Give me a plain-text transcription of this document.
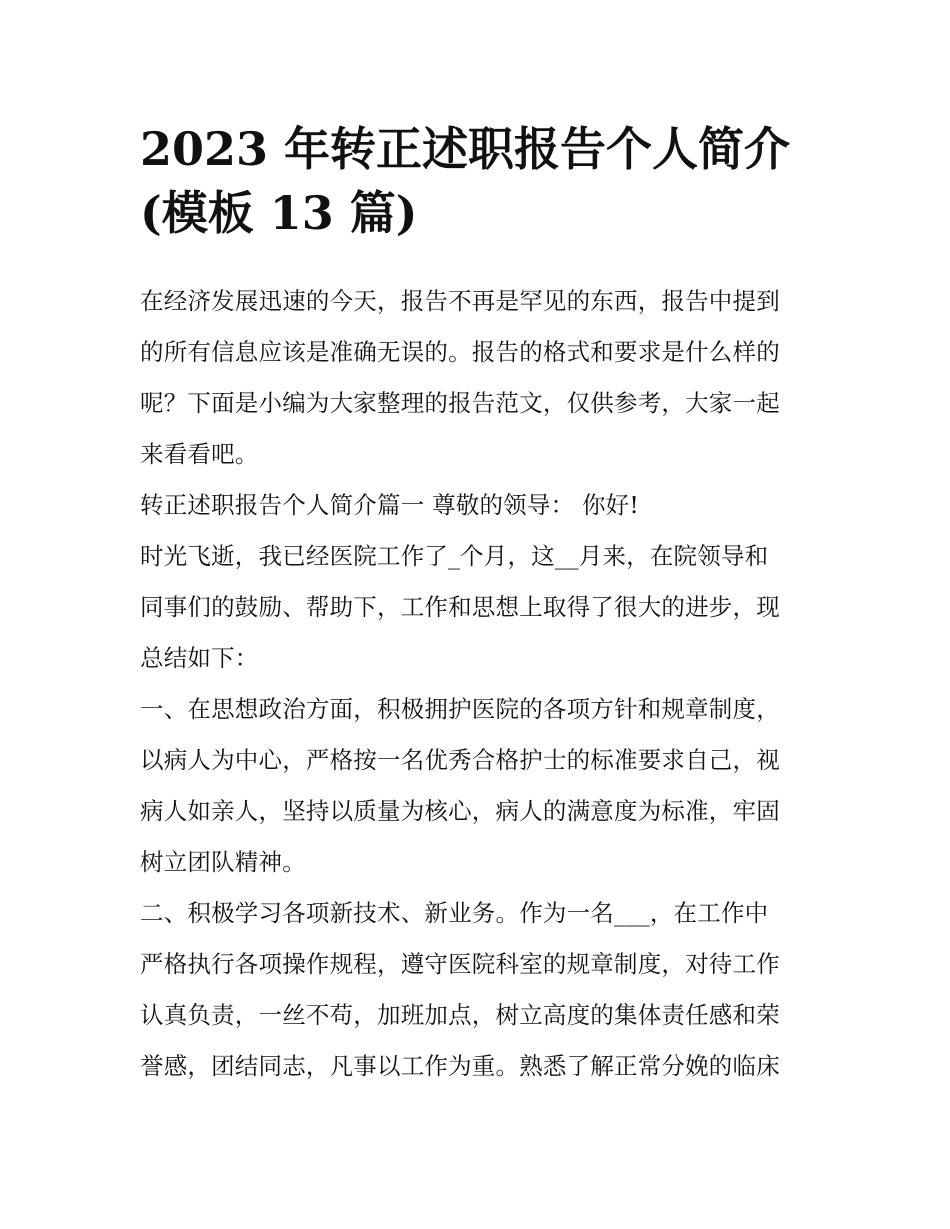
2023 年转正述职报告个人简介
(模板 13 篇)

在经济发展迅速的今天，报告不再是罕见的东西，报告中提到
的所有信息应该是准确无误的。报告的格式和要求是什么样的
呢？下面是小编为大家整理的报告范文，仅供参考，大家一起
来看看吧。

转正述职报告个人简介篇一 尊敬的领导： 你好!

时光飞逝，我已经医院工作了_个月，这__月来，在院领导和
同事们的鼓励、帮助下，工作和思想上取得了很大的进步，现
总结如下：

一、在思想政治方面，积极拥护医院的各项方针和规章制度，
以病人为中心，严格按一名优秀合格护士的标准要求自己，视
病人如亲人，坚持以质量为核心，病人的满意度为标准，牢固
树立团队精神。

二、积极学习各项新技术、新业务。作为一名___，在工作中
严格执行各项操作规程，遵守医院科室的规章制度，对待工作
认真负责，一丝不苟，加班加点，树立高度的集体责任感和荣
誉感，团结同志，凡事以工作为重。熟悉了解正常分娩的临床
